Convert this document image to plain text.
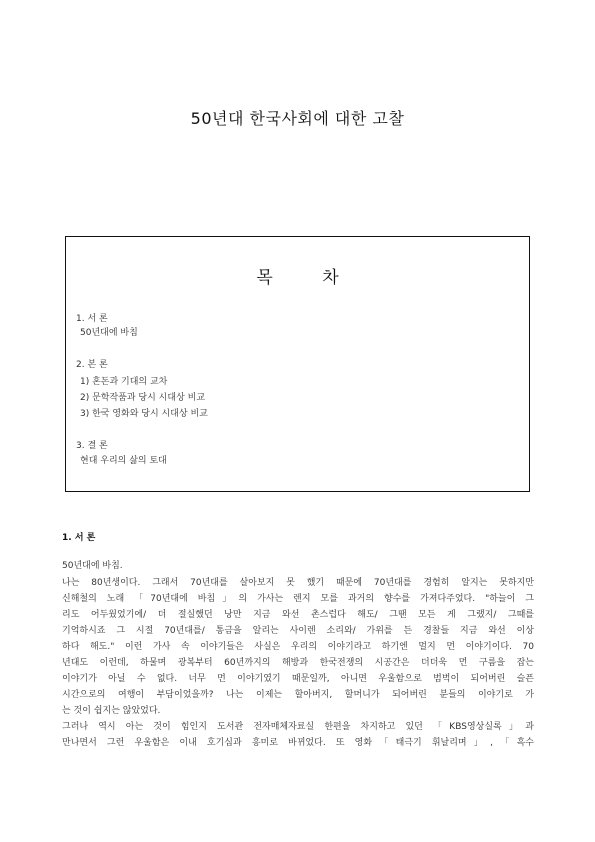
50년대 한국사회에 대한 고찰
목 차
1. 서 론
50년대에 바침
2. 본 론
1) 혼돈과 기대의 교차
2) 문학작품과 당시 시대상 비교
3) 한국 영화와 당시 시대상 비교
3. 결 론
현대 우리의 삶의 토대
1. 서 론
50년대에 바침.
나는 80년생이다. 그래서 70년대를 살아보지 못 했기 때문에 70년대를 경험히 알지는 못하지만
신해철의 노래 「70년대에 바침」의 가사는 렌지 모를 과거의 향수를 가져다주었다. "하늘이 그
리도 어두웠었기에/ 더 절실했던 낭만 지금 와선 촌스럽다 해도/ 그땐 모든 게 그랬지/ 그때를
기억하시죠 그 시절 70년대를/ 통금을 알리는 사이렌 소리와/ 가위를 든 경찰들 지금 와선 이상
하다 해도." 이런 가사 속 이야기들은 사실은 우리의 이야기라고 하기엔 멀지 먼 이야기이다. 70
년대도 이런데, 하물며 광복부터 60년까지의 해방과 한국전쟁의 시공간은 더더욱 먼 구름을 잡는
이야기가 아닐 수 없다. 너무 먼 이야기였기 때문일까, 아니면 우울함으로 범벅이 되어버린 슬픈
시간으로의 여행이 부담이었을까? 나는 이제는 할아버지, 할머니가 되어버린 분들의 이야기로 가
는 것이 쉽지는 않았었다.
그러나 역시 아는 것이 힘인지 도서관 전자매체자료실 한편을 차지하고 있던 「KBS영상실록」과
만나면서 그런 우울함은 이내 호기심과 흥미로 바뀌었다. 또 영화「태극기 휘날리며」,「흑수
